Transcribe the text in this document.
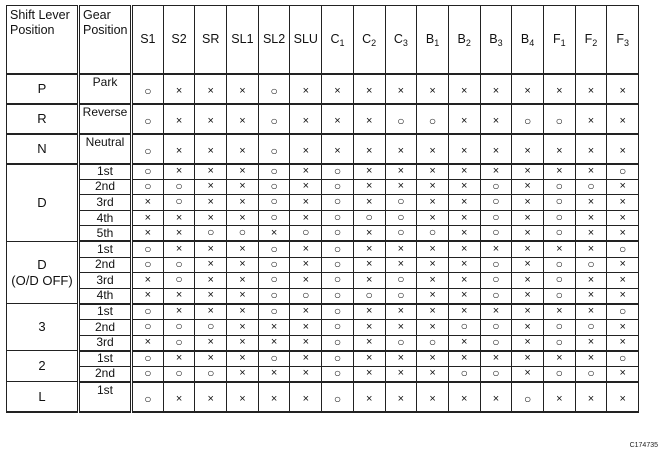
Shift Lever Position	Gear Position	S1	S2	SR	SL1	SL2	SLU	$C_1$	$C_2$	$C_3$	$B_1$	$B_2$	$B_3$	$B_4$	$F_1$	$F_2$	$F_3$

P	Park	○	×	×	×	○	×	×	×	×	×	×	×	×	×	×	×

R	Reverse	○	×	×	×	○	×	×	×	○	○	×	×	○	○	×	×

N	Neutral	○	×	×	×	○	×	×	×	×	×	×	×	×	×	×	×

D	1st	○	×	×	×	○	×	○	×	×	×	×	×	×	×	×	○
	2nd	○	○	×	×	○	×	○	×	×	×	×	○	×	○	○	×
	3rd	×	○	×	×	○	×	○	×	○	×	×	○	×	○	×	×
	4th	×	×	×	×	○	×	○	○	○	×	×	○	×	○	×	×
	5th	×	×	○	○	×	○	○	×	○	○	×	○	×	○	×	×

D
(O/D OFF)	1st	○	×	×	×	○	×	○	×	×	×	×	×	×	×	×	○
	2nd	○	○	×	×	○	×	○	×	×	×	×	○	×	○	○	×
	3rd	×	○	×	×	○	×	○	×	○	×	×	○	×	○	×	×
	4th	×	×	×	×	○	○	○	○	○	×	×	○	×	○	×	×

3	1st	○	×	×	×	○	×	○	×	×	×	×	×	×	×	×	○
	2nd	○	○	○	×	×	×	○	×	×	×	○	○	×	○	○	×
	3rd	×	○	×	×	×	×	○	×	○	○	×	○	×	○	×	×

2	1st	○	×	×	×	○	×	○	×	×	×	×	×	×	×	×	○
	2nd	○	○	○	×	×	×	○	×	×	×	○	○	×	○	○	×

L	1st	○	×	×	×	×	×	○	×	×	×	×	×	○	×	×	×
C174735
